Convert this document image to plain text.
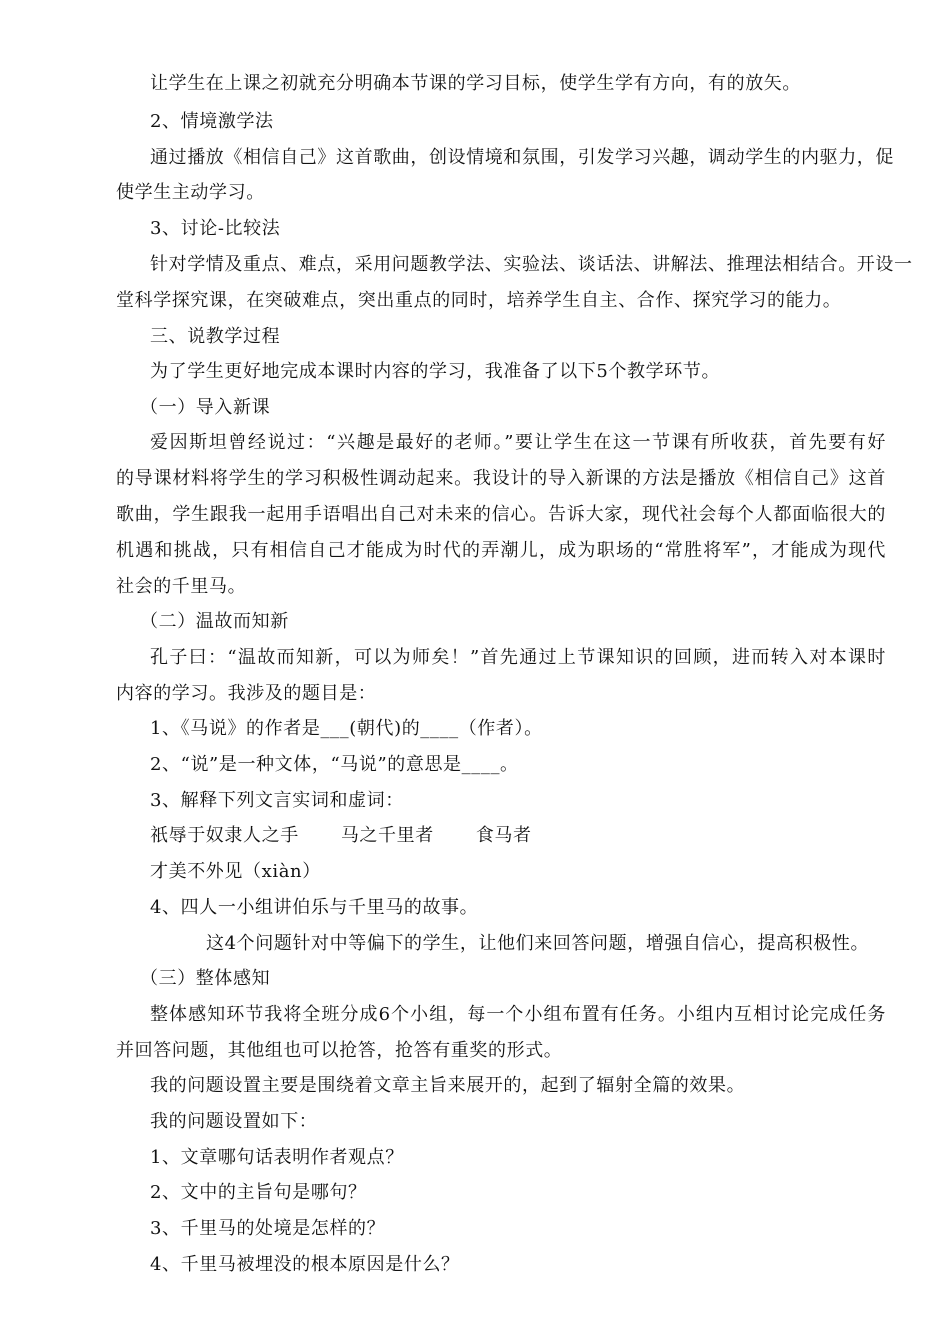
让学生在上课之初就充分明确本节课的学习目标，使学生学有方向，有的放矢。
2、情境激学法
通过播放《相信自己》这首歌曲，创设情境和氛围，引发学习兴趣，调动学生的内驱力，促
使学生主动学习。
3、讨论-比较法
针对学情及重点、难点，采用问题教学法、实验法、谈话法、讲解法、推理法相结合。开设一
堂科学探究课，在突破难点，突出重点的同时，培养学生自主、合作、探究学习的能力。
三、说教学过程
为了学生更好地完成本课时内容的学习，我准备了以下5个教学环节。
（一）导入新课
爱因斯坦曾经说过：“兴趣是最好的老师。”要让学生在这一节课有所收获，首先要有好
的导课材料将学生的学习积极性调动起来。我设计的导入新课的方法是播放《相信自己》这首
歌曲，学生跟我一起用手语唱出自己对未来的信心。告诉大家，现代社会每个人都面临很大的
机遇和挑战，只有相信自己才能成为时代的弄潮儿，成为职场的“常胜将军”，才能成为现代
社会的千里马。
（二）温故而知新
孔子曰：“温故而知新，可以为师矣！”首先通过上节课知识的回顾，进而转入对本课时
内容的学习。我涉及的题目是：
1、《马说》的作者是___(朝代)的____（作者）。
2、“说”是一种文体，“马说”的意思是____。
3、解释下列文言实词和虚词：
祇辱于奴隶人之手 马之千里者 食马者
才美不外见（xiàn）
4、四人一小组讲伯乐与千里马的故事。
这4个问题针对中等偏下的学生，让他们来回答问题，增强自信心，提高积极性。
（三）整体感知
整体感知环节我将全班分成6个小组，每一个小组布置有任务。小组内互相讨论完成任务
并回答问题，其他组也可以抢答，抢答有重奖的形式。
我的问题设置主要是围绕着文章主旨来展开的，起到了辐射全篇的效果。
我的问题设置如下：
1、文章哪句话表明作者观点？
2、文中的主旨句是哪句？
3、千里马的处境是怎样的？
4、千里马被埋没的根本原因是什么？
